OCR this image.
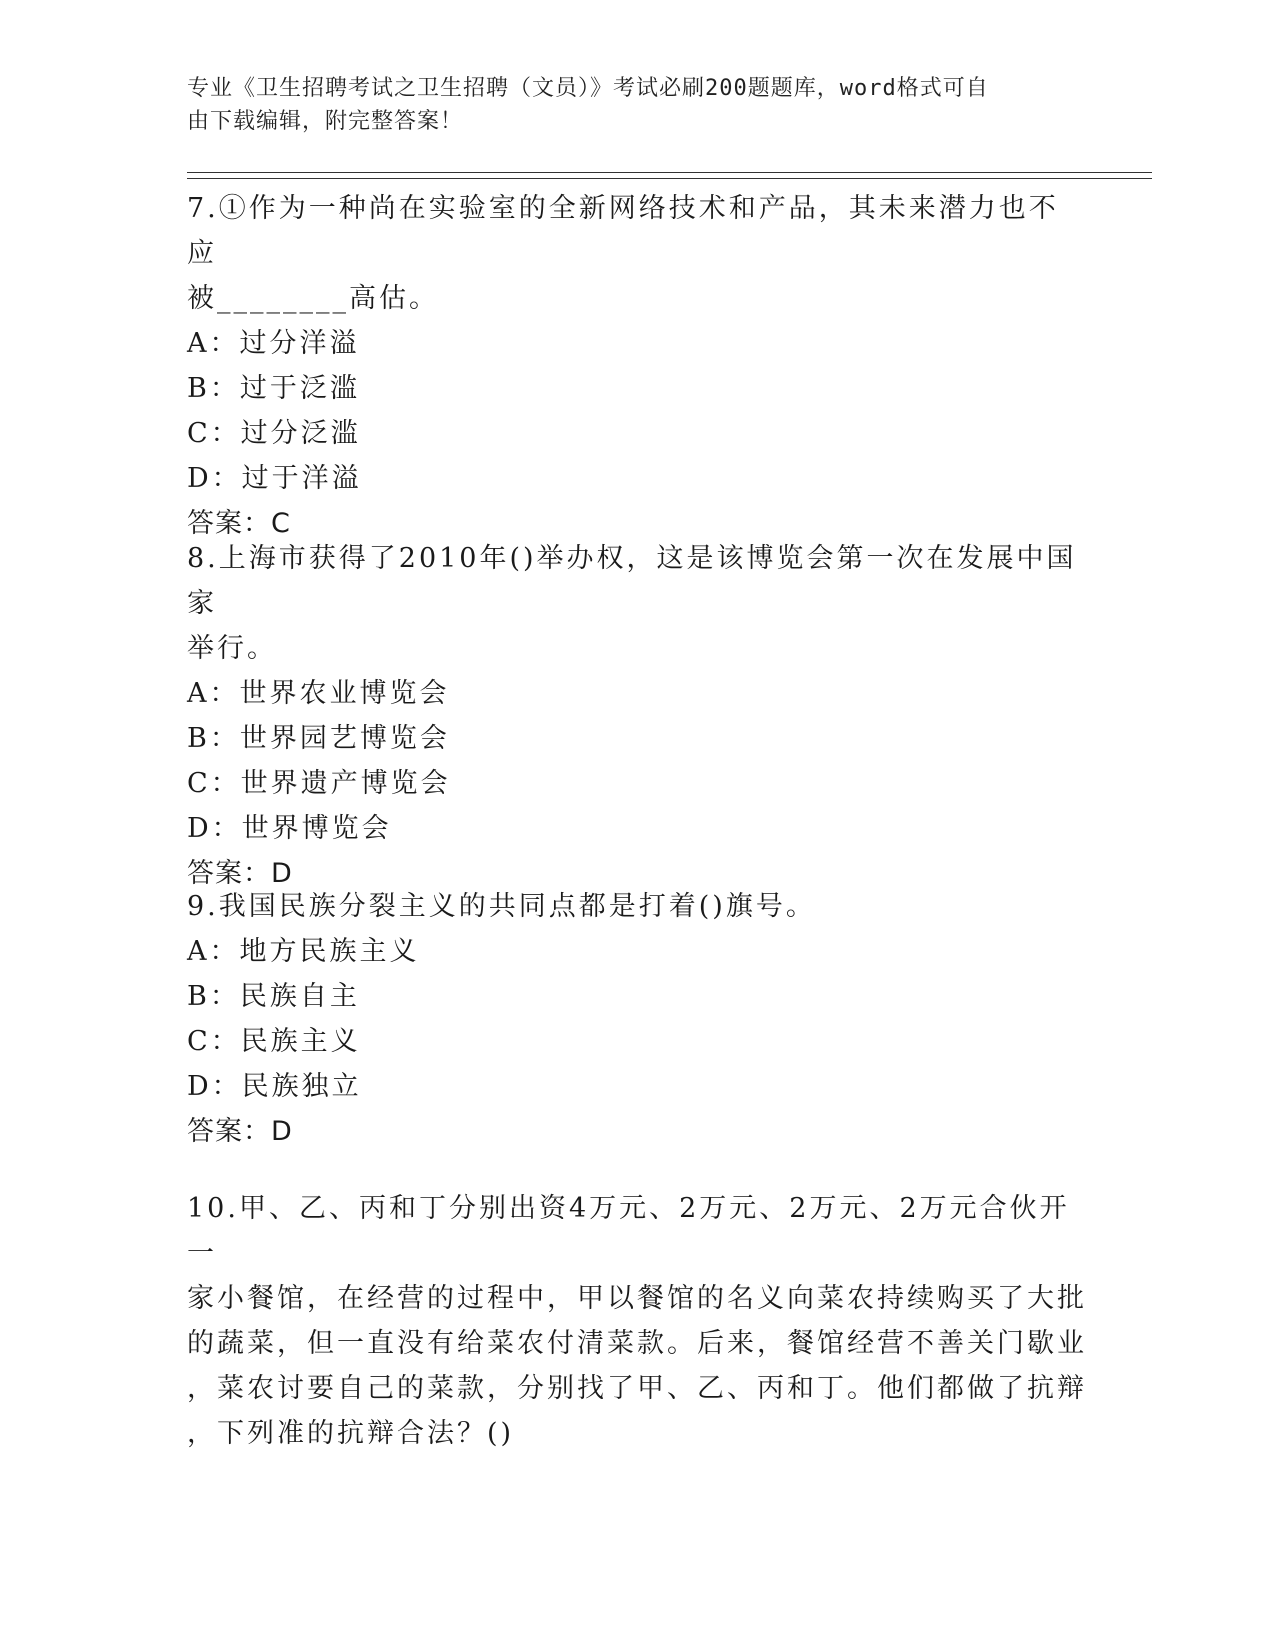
专业《卫生招聘考试之卫生招聘（文员）》考试必刷200题题库，word格式可自
由下载编辑，附完整答案！

7.①作为一种尚在实验室的全新网络技术和产品，其未来潜力也不应

被________高估。

A：过分洋溢

B：过于泛滥

C：过分泛滥

D：过于洋溢

答案：C

8.上海市获得了2010年()举办权，这是该博览会第一次在发展中国家

举行。

A：世界农业博览会

B：世界园艺博览会

C：世界遗产博览会

D：世界博览会

答案：D

9.我国民族分裂主义的共同点都是打着()旗号。

A：地方民族主义

B：民族自主

C：民族主义

D：民族独立

答案：D

10.甲、乙、丙和丁分别出资4万元、2万元、2万元、2万元合伙开一

家小餐馆，在经营的过程中，甲以餐馆的名义向菜农持续购买了大批

的蔬菜，但一直没有给菜农付清菜款。后来，餐馆经营不善关门歇业

，菜农讨要自己的菜款，分别找了甲、乙、丙和丁。他们都做了抗辩

，下列准的抗辩合法？()
